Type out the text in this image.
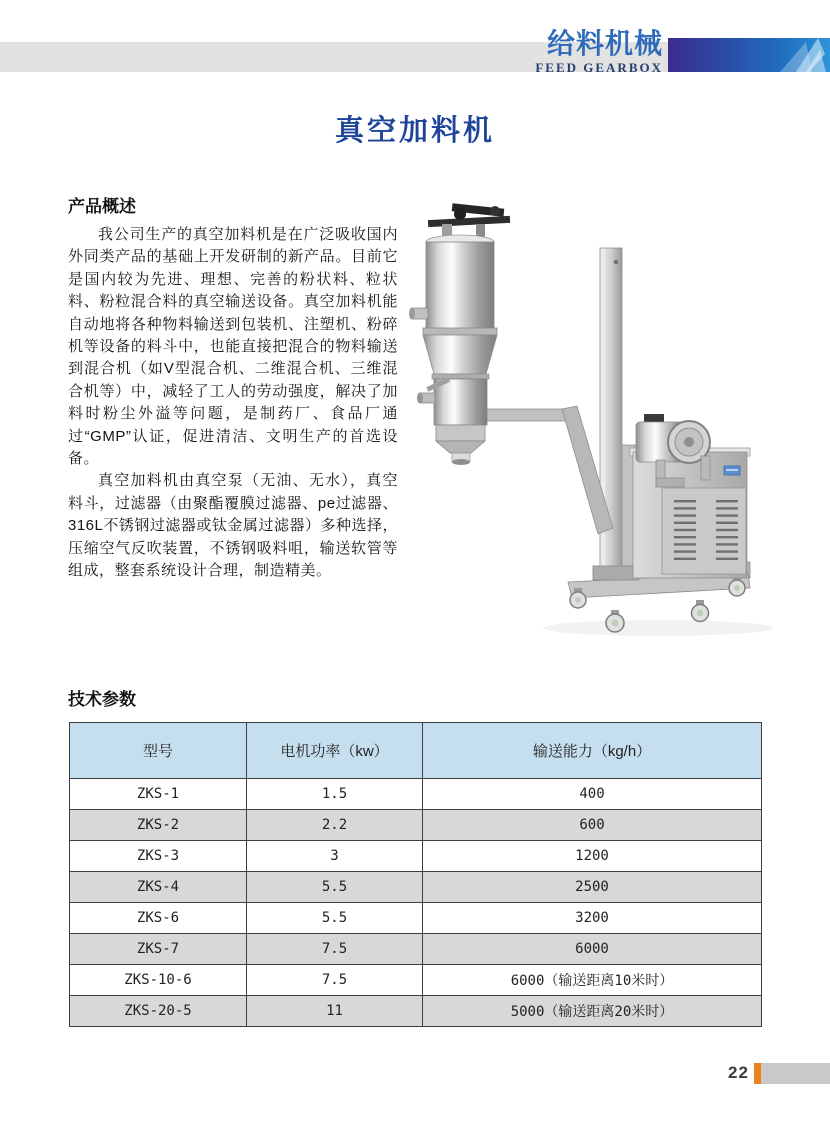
给料机械
FEED GEARBOX
真空加料机
产品概述

我公司生产的真空加料机是在广泛吸收国内外同类产品的基础上开发研制的新产品。目前它是国内较为先进、理想、完善的粉状料、粒状料、粉粒混合料的真空输送设备。真空加料机能自动地将各种物料输送到包装机、注塑机、粉碎机等设备的料斗中，也能直接把混合的物料输送到混合机（如V型混合机、二维混合机、三维混合机等）中，减轻了工人的劳动强度，解决了加料时粉尘外溢等问题，是制药厂、食品厂通过“GMP”认证，促进清洁、文明生产的首选设备。

真空加料机由真空泵（无油、无水），真空料斗，过滤器（由聚酯覆膜过滤器、pe过滤器、316L不锈钢过滤器或钛金属过滤器）多种选择，压缩空气反吹装置，不锈钢吸料咀，输送软管等组成，整套系统设计合理，制造精美。

技术参数
型号	电机功率（kw）	输送能力（kg/h）
ZKS-1	1.5	400
ZKS-2	2.2	600
ZKS-3	3	1200
ZKS-4	5.5	2500
ZKS-6	5.5	3200
ZKS-7	7.5	6000
ZKS-10-6	7.5	6000（输送距离10米时）
ZKS-20-5	11	5000（输送距离20米时）
22
